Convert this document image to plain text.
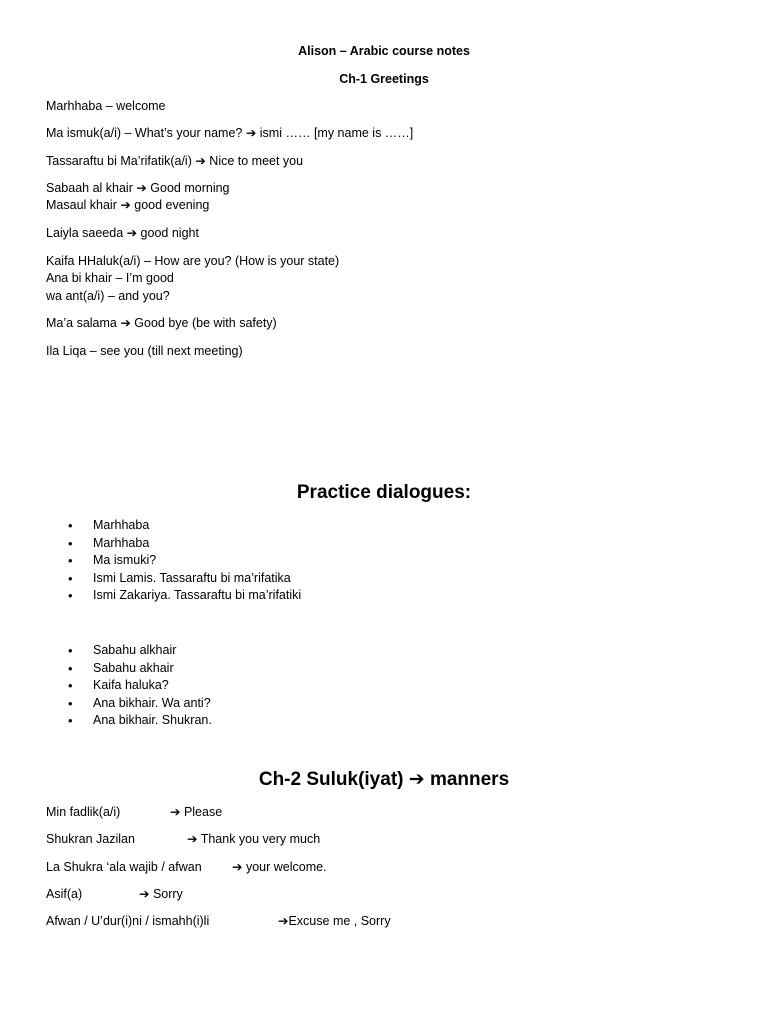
Alison – Arabic course notes
Ch-1 Greetings
Marhhaba – welcome
Ma ismuk(a/i) – What’s your name? ➔ ismi …… [my name is ……]
Tassaraftu bi Ma’rifatik(a/i) ➔ Nice to meet you
Sabaah al khair ➔ Good morning
Masaul khair ➔ good evening
Laiyla saeeda ➔ good night
Kaifa HHaluk(a/i) – How are you? (How is your state)
Ana bi khair – I’m good
wa ant(a/i) – and you?
Ma’a salama ➔ Good bye (be with safety)
Ila Liqa – see you (till next meeting)
Practice dialogues:
• Marhhaba
• Marhhaba
• Ma ismuki?
• Ismi Lamis. Tassaraftu bi ma’rifatika
• Ismi Zakariya. Tassaraftu bi ma’rifatiki
• Sabahu alkhair
• Sabahu akhair
• Kaifa haluka?
• Ana bikhair. Wa anti?
• Ana bikhair. Shukran.
Ch-2 Suluk(iyat) ➔ manners
Min fadlik(a/i)	➔ Please
Shukran Jazilan	➔ Thank you very much
La Shukra ‘ala wajib / afwan ➔ your welcome.
Asif(a)	➔ Sorry
Afwan / U’dur(i)ni / ismahh(i)li	➔Excuse me , Sorry
